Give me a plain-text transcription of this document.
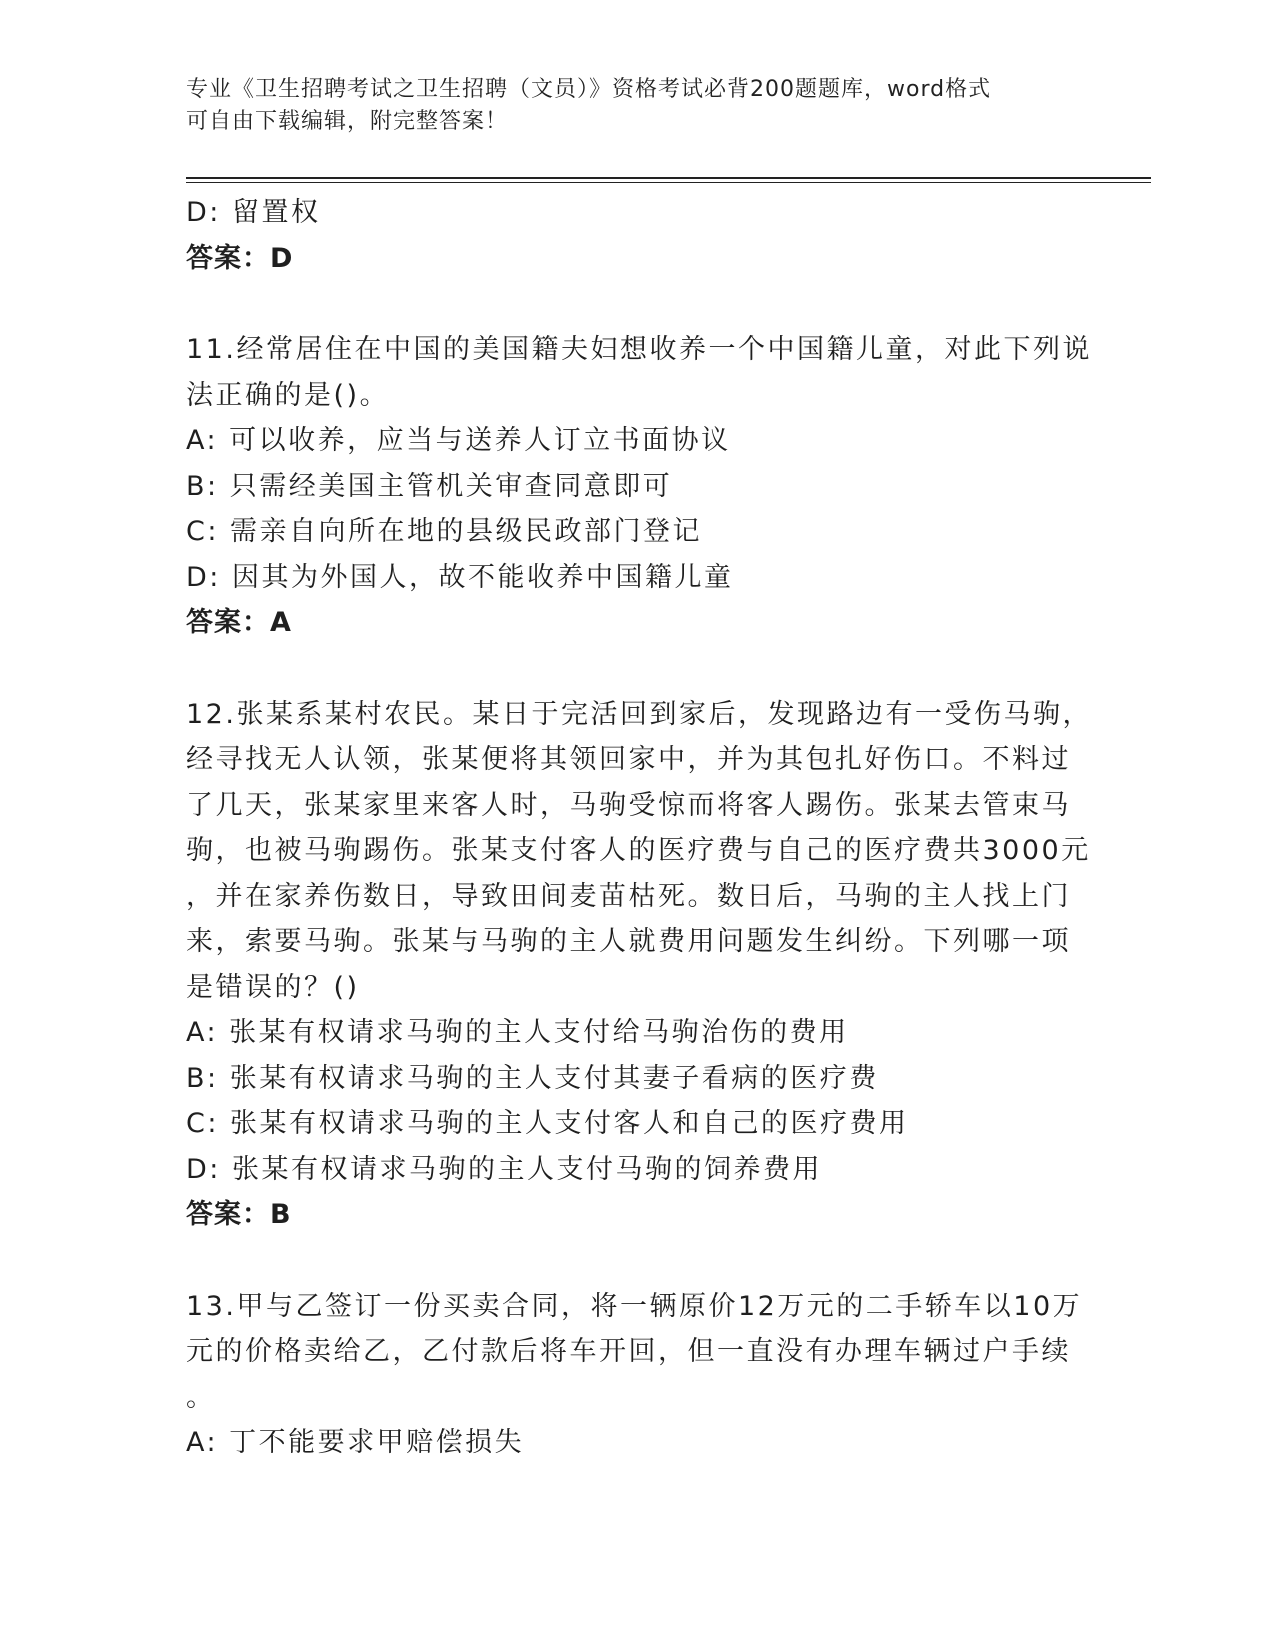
专业《卫生招聘考试之卫生招聘（文员）》资格考试必背200题题库，word格式
可自由下载编辑，附完整答案！
D: 留置权
答案：D
11.经常居住在中国的美国籍夫妇想收养一个中国籍儿童，对此下列说
法正确的是()。
A: 可以收养，应当与送养人订立书面协议
B: 只需经美国主管机关审查同意即可
C: 需亲自向所在地的县级民政部门登记
D: 因其为外国人，故不能收养中国籍儿童
答案：A
12.张某系某村农民。某日于完活回到家后，发现路边有一受伤马驹，
经寻找无人认领，张某便将其领回家中，并为其包扎好伤口。不料过
了几天，张某家里来客人时，马驹受惊而将客人踢伤。张某去管束马
驹，也被马驹踢伤。张某支付客人的医疗费与自己的医疗费共3000元
，并在家养伤数日，导致田间麦苗枯死。数日后，马驹的主人找上门
来，索要马驹。张某与马驹的主人就费用问题发生纠纷。下列哪一项
是错误的？()
A: 张某有权请求马驹的主人支付给马驹治伤的费用
B: 张某有权请求马驹的主人支付其妻子看病的医疗费
C: 张某有权请求马驹的主人支付客人和自己的医疗费用
D: 张某有权请求马驹的主人支付马驹的饲养费用
答案：B
13.甲与乙签订一份买卖合同，将一辆原价12万元的二手轿车以10万
元的价格卖给乙，乙付款后将车开回，但一直没有办理车辆过户手续
。
A: 丁不能要求甲赔偿损失
